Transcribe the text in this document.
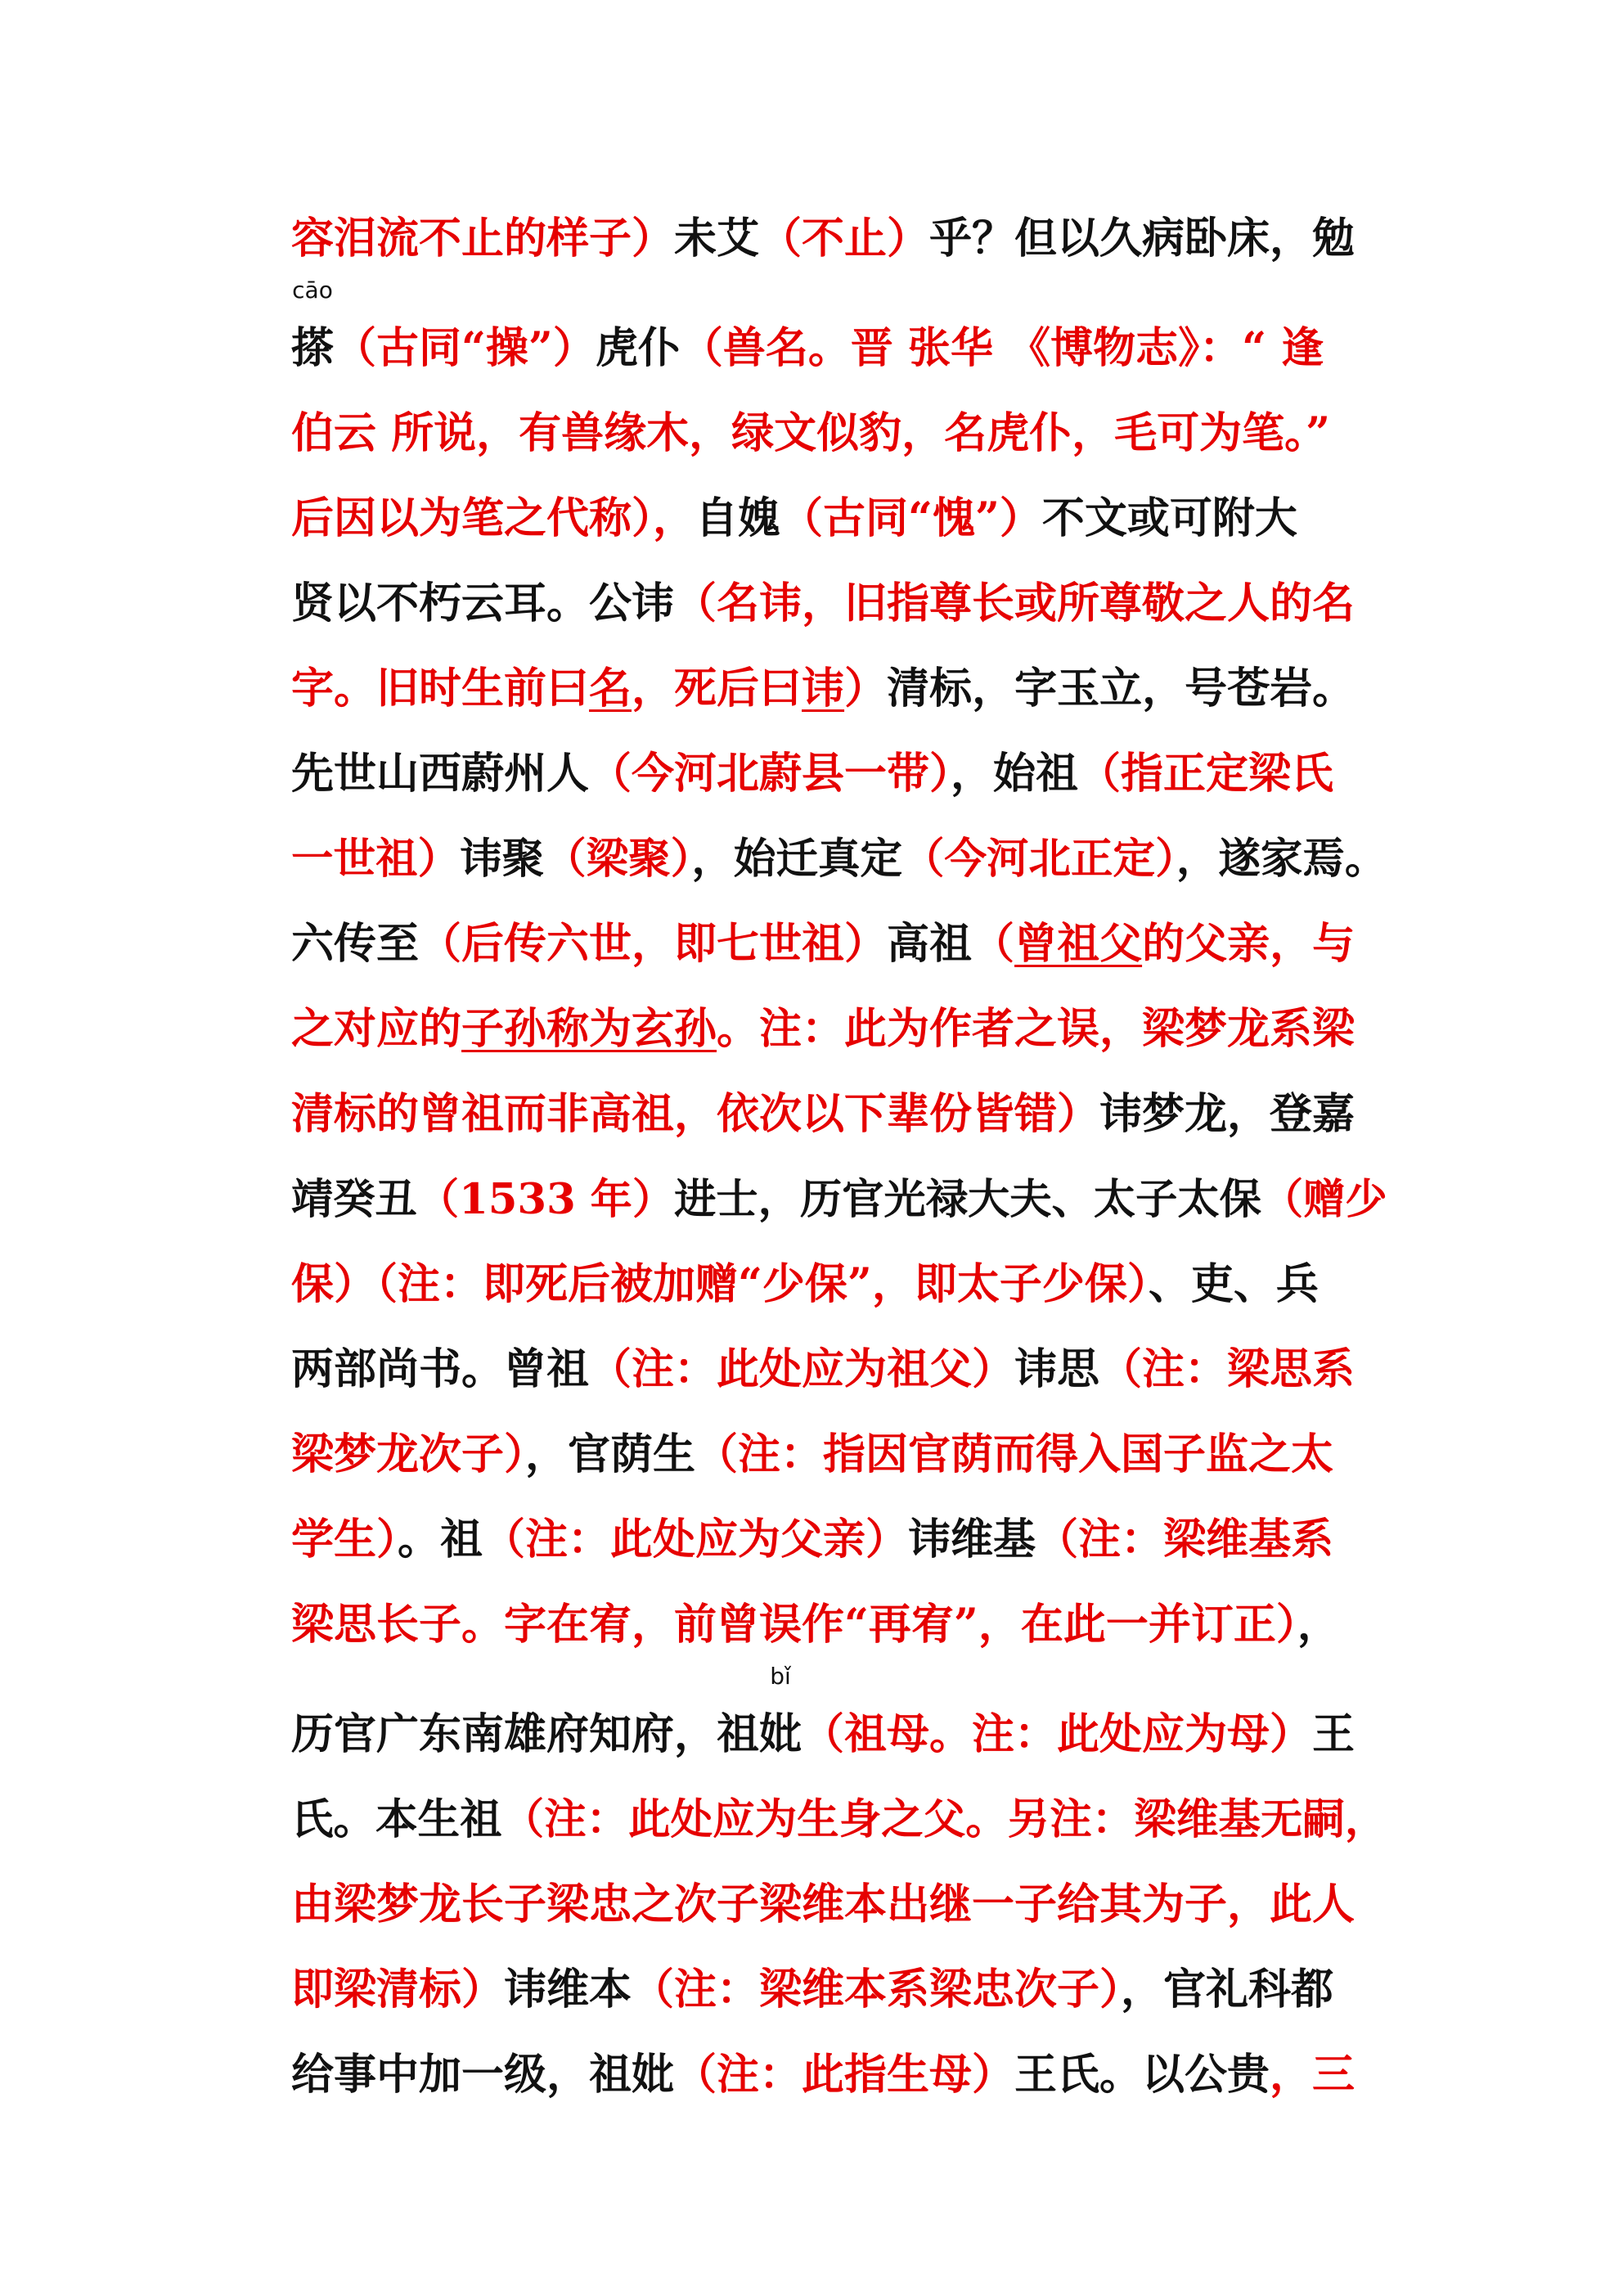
容泪流不止的样子）未艾（不止）乎？但以久病卧床，勉
cāo
搽（古同“操”）虎仆（兽名。晋 张华 《博物志》：“ 逢
伯云 所说，有兽缘木，绿文似豹，名虎仆，毛可为笔。”
后因以为笔之代称），自媿（古同“愧”）不文或可附大
贤以不朽云耳。公讳（名讳，旧指尊长或所尊敬之人的名
字。旧时生前曰名，死后曰讳）清标，字玉立，号苍岩。
先世山西蔚州人（今河北蔚县一带），始祖（指正定梁氏
一世祖）讳聚（梁聚），始迁真定（今河北正定），遂家焉。
六传至（后传六世，即七世祖）高祖（曾祖父的父亲，与
之对应的子孙称为玄孙。注：此为作者之误，梁梦龙系梁
清标的曾祖而非高祖，依次以下辈份皆错）讳梦龙，登嘉
靖癸丑（1533 年）进士，历官光禄大夫、太子太保（赠少
保）（注：即死后被加赠“少保”，即太子少保）、吏、兵
两部尚书。曾祖（注：此处应为祖父）讳思（注：梁思系
梁梦龙次子），官荫生（注：指因官荫而得入国子监之太
学生）。祖（注：此处应为父亲）讳维基（注：梁维基系
梁思长子。字在宥，前曾误作“再宥”，在此一并订正），
历官广东南雄府知府，祖
bǐ
妣（祖母。注：此处应为母）王
氏。本生祖（注：此处应为生身之父。另注：梁维基无嗣，
由梁梦龙长子梁忠之次子梁维本出继一子给其为子，此人
即梁清标）讳维本（注：梁维本系梁忠次子），官礼科都
给事中加一级，祖妣（注：此指生母）王氏。以公贵，三
